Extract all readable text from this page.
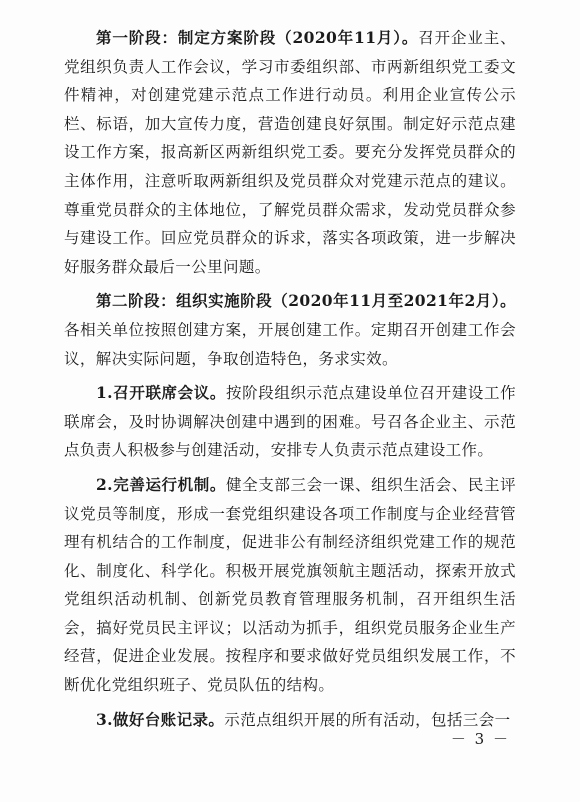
第一阶段：制定方案阶段（2020年11月）。召开企业主、党组织负责人工作会议，学习市委组织部、市两新组织党工委文件精神，对创建党建示范点工作进行动员。利用企业宣传公示栏、标语，加大宣传力度，营造创建良好氛围。制定好示范点建设工作方案，报高新区两新组织党工委。要充分发挥党员群众的主体作用，注意听取两新组织及党员群众对党建示范点的建议。尊重党员群众的主体地位，了解党员群众需求，发动党员群众参与建设工作。回应党员群众的诉求，落实各项政策，进一步解决好服务群众最后一公里问题。

第二阶段：组织实施阶段（2020年11月至2021年2月）。各相关单位按照创建方案，开展创建工作。定期召开创建工作会议，解决实际问题，争取创造特色，务求实效。

1.召开联席会议。按阶段组织示范点建设单位召开建设工作联席会，及时协调解决创建中遇到的困难。号召各企业主、示范点负责人积极参与创建活动，安排专人负责示范点建设工作。

2.完善运行机制。健全支部三会一课、组织生活会、民主评议党员等制度，形成一套党组织建设各项工作制度与企业经营管理有机结合的工作制度，促进非公有制经济组织党建工作的规范化、制度化、科学化。积极开展党旗领航主题活动，探索开放式党组织活动机制、创新党员教育管理服务机制，召开组织生活会，搞好党员民主评议；以活动为抓手，组织党员服务企业生产经营，促进企业发展。按程序和要求做好党员组织发展工作，不断优化党组织班子、党员队伍的结构。

3.做好台账记录。示范点组织开展的所有活动，包括三会一

－ 3 －
